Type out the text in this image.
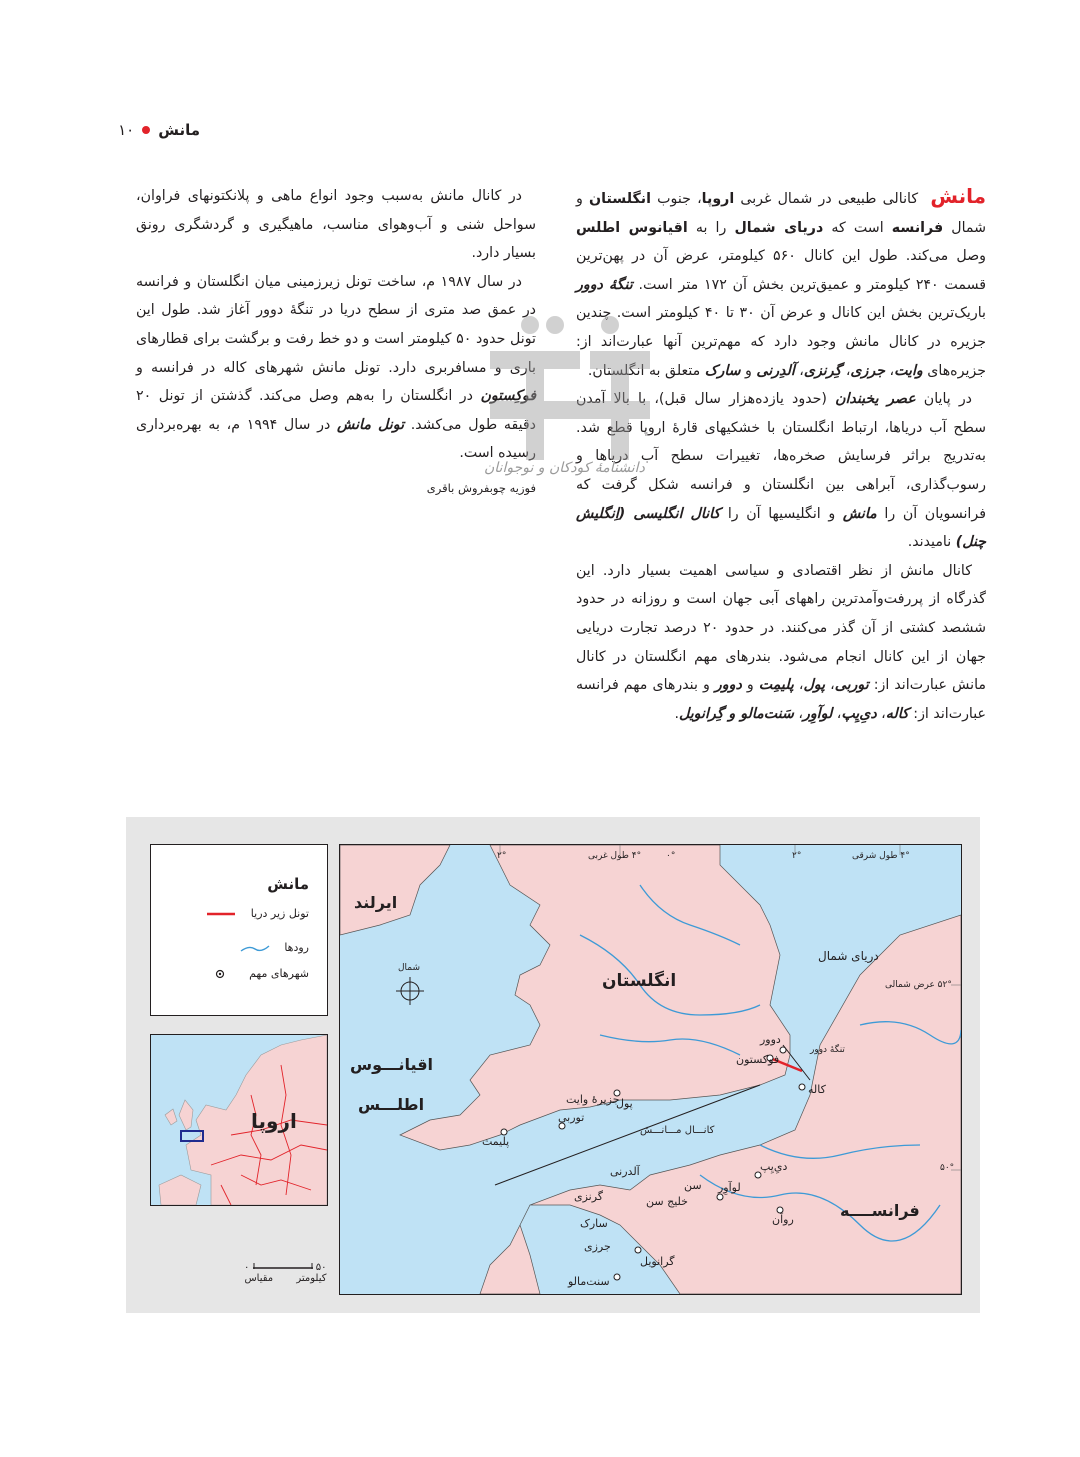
مانش
۱۰

مانش کانالی طبیعی در شمال غربی اروپا، جنوب انگلستان و شمال فرانسه است که دریای شمال را به اقیانوس اطلس وصل می‌کند. طول این کانال ۵۶۰ کیلومتر، عرض آن در پهن‌ترین قسمت ۲۴۰ کیلومتر و عمیق‌ترین بخش آن ۱۷۲ متر است. تنگهٔ دوور باریک‌ترین بخش این کانال و عرض آن ۳۰ تا ۴۰ کیلومتر است. چندین جزیره در کانال مانش وجود دارد که مهم‌ترین آنها عبارت‌اند از: جزیره‌های وایت، جرزی، گِرنزی، آلدِرنی و سارک متعلق به انگلستان.

در پایان عصر یخبندان (حدود یازده‌هزار سال قبل)، با بالا آمدن سطح آب دریاها، ارتباط انگلستان با خشکیهای قارهٔ اروپا قطع شد. به‌تدریج براثر فرسایش صخره‌ها، تغییرات سطح آب دریاها و رسوب‌گذاری، آبراهی بین انگلستان و فرانسه شکل گرفت که فرانسویان آن را مانش و انگلیسیها آن را کانال انگلیسی (اِنگلیش چنل) نامیدند.

کانال مانش از نظر اقتصادی و سیاسی اهمیت بسیار دارد. این گذرگاه از پررفت‌وآمدترین راههای آبی جهان است و روزانه در حدود ششصد کشتی از آن گذر می‌کنند. در حدود ۲۰ درصد تجارت دریایی جهان از این کانال انجام می‌شود. بندرهای مهم انگلستان در کانال مانش عبارت‌اند از: توربی، پول، پلیمِت و دوور و بندرهای مهم فرانسه عبارت‌اند از: کاله، دیِ‌یِپ، لوآوِر، سَنت‌مالو و گِرانویل.

در کانال مانش به‌سبب وجود انواع ماهی و پلانکتونهای فراوان، سواحل شنی و آب‌وهوای مناسب، ماهیگیری و گردشگری رونق بسیار دارد.

در سال ۱۹۸۷ م، ساخت تونل زیرزمینی میان انگلستان و فرانسه در عمق صد متری از سطح دریا در تنگهٔ دوور آغاز شد. طول این تونل حدود ۵۰ کیلومتر است و دو خط رفت و برگشت برای قطارهای باری و مسافربری دارد. تونل مانش شهرهای کاله در فرانسه و فوکِستون در انگلستان را به‌هم وصل می‌کند. گذشتن از تونل ۲۰ دقیقه طول می‌کشد. تونل مانش در سال ۱۹۹۴ م، به بهره‌برداری رسیده است.

فوزیه چوبفروش باقری
دانشنامهٔ کودکان و نوجوانان
مانش
تونل زیر دریا
رودها
شهرهای مهم
اروپا
۲°	۴° طول غربی	۲°	۴° طول شرقی
۵۲° عرض شمالی
۵۰°
۰°
ایرلند
انگلستان
اقیانـــوس
اطلـــس
دریای شمال
فرانســــه
کانـــال مـــانـــش
خلیج سن
تنگهٔ دوور
شمال
دوور
فوکستون
کاله
پول
توربی
پلیمث
دیِ‌یِپ
لوآوِر
رواَن
گرانویل
سنت‌مالو
جزیرهٔ وایت
آلدرنی
گرنزی
سارک
جرزی
سن
۵۰  ۰
کیلومتر مقیاس
